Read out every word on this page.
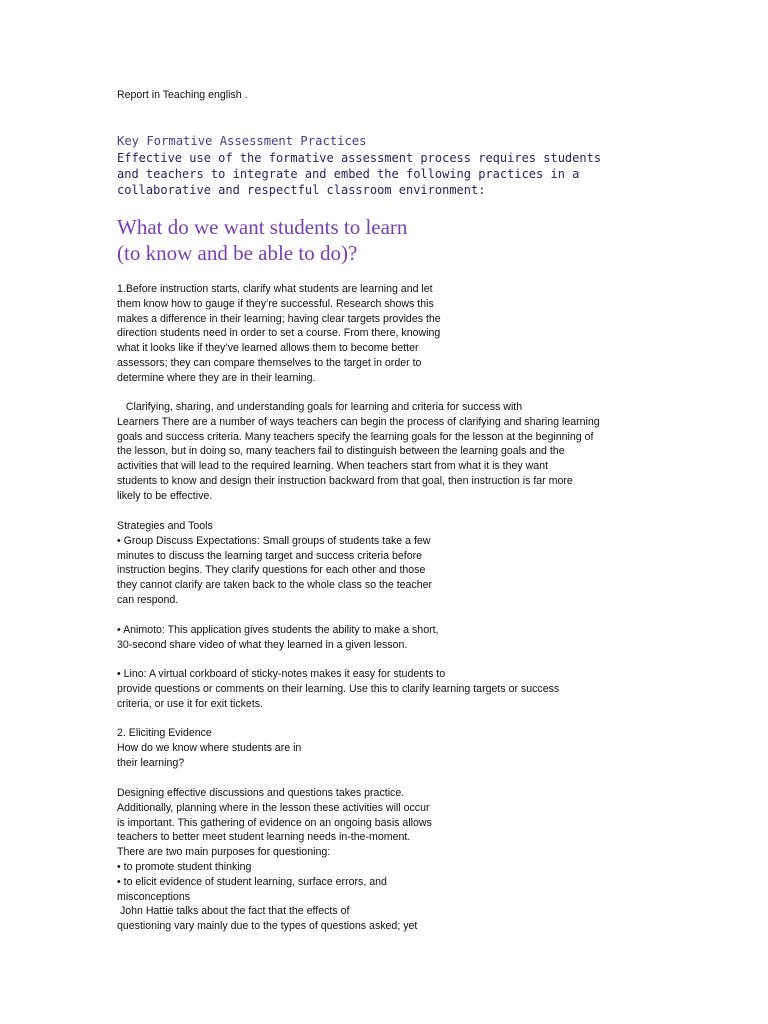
Report in Teaching english .
Key Formative Assessment Practices
Effective use of the formative assessment process requires students
and teachers to integrate and embed the following practices in a
collaborative and respectful classroom environment:
What do we want students to learn
(to know and be able to do)?
1.Before instruction starts, clarify what students are learning and let
them know how to gauge if they’re successful. Research shows this
makes a difference in their learning; having clear targets provides the
direction students need in order to set a course. From there, knowing
what it looks like if they’ve learned allows them to become better
assessors; they can compare themselves to the target in order to
determine where they are in their learning.
Clarifying, sharing, and understanding goals for learning and criteria for success with
Learners There are a number of ways teachers can begin the process of clarifying and sharing learning
goals and success criteria. Many teachers specify the learning goals for the lesson at the beginning of
the lesson, but in doing so, many teachers fail to distinguish between the learning goals and the
activities that will lead to the required learning. When teachers start from what it is they want
students to know and design their instruction backward from that goal, then instruction is far more
likely to be effective.
Strategies and Tools
• Group Discuss Expectations: Small groups of students take a few
minutes to discuss the learning target and success criteria before
instruction begins. They clarify questions for each other and those
they cannot clarify are taken back to the whole class so the teacher
can respond.
• Animoto: This application gives students the ability to make a short,
30-second share video of what they learned in a given lesson.
• Lino: A virtual corkboard of sticky-notes makes it easy for students to
provide questions or comments on their learning. Use this to clarify learning targets or success
criteria, or use it for exit tickets.
2. Eliciting Evidence
How do we know where students are in
their learning?
Designing effective discussions and questions takes practice.
Additionally, planning where in the lesson these activities will occur
is important. This gathering of evidence on an ongoing basis allows
teachers to better meet student learning needs in-the-moment.
There are two main purposes for questioning:
• to promote student thinking
• to elicit evidence of student learning, surface errors, and
misconceptions
John Hattie talks about the fact that the effects of
questioning vary mainly due to the types of questions asked; yet
